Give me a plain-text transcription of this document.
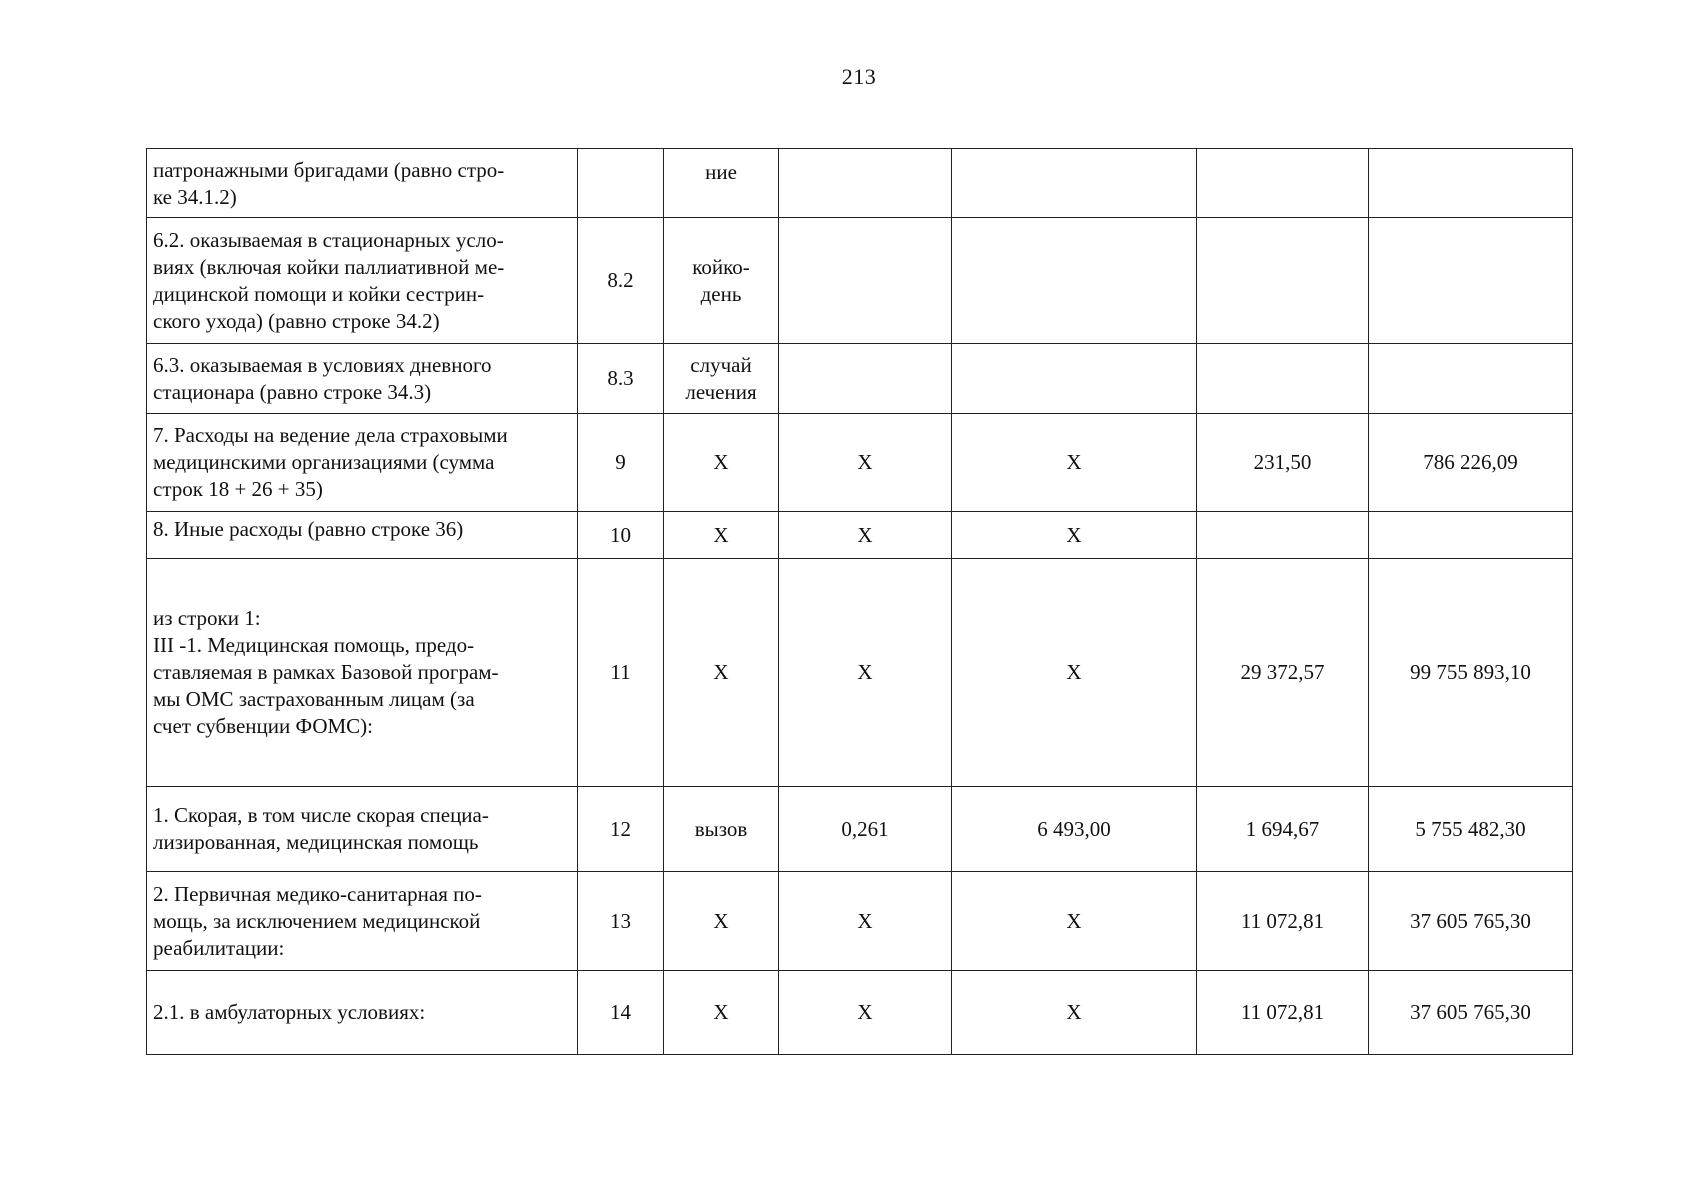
213
патронажными бригадами (равно стро-
ке 34.1.2)		ние				
6.2. оказываемая в стационарных усло-
виях (включая койки паллиативной ме-
дицинской помощи и койки сестрин-
ского ухода) (равно строке 34.2)	8.2	койко-
день				
6.3. оказываемая в условиях дневного
стационара (равно строке 34.3)	8.3	случай
лечения				
7. Расходы на ведение дела страховыми
медицинскими организациями (сумма
строк 18 + 26 + 35)	9	Х	Х	Х	231,50	786 226,09
8. Иные расходы (равно строке 36)	10	Х	Х	Х		
из строки 1:
III -1. Медицинская помощь, предо-
ставляемая в рамках Базовой програм-
мы ОМС застрахованным лицам (за
счет субвенции ФОМС):	11	Х	Х	Х	29 372,57	99 755 893,10
1. Скорая, в том числе скорая специа-
лизированная, медицинская помощь	12	вызов	0,261	6 493,00	1 694,67	5 755 482,30
2. Первичная медико-санитарная по-
мощь, за исключением медицинской
реабилитации:	13	Х	Х	Х	11 072,81	37 605 765,30
2.1. в амбулаторных условиях:	14	Х	Х	Х	11 072,81	37 605 765,30
